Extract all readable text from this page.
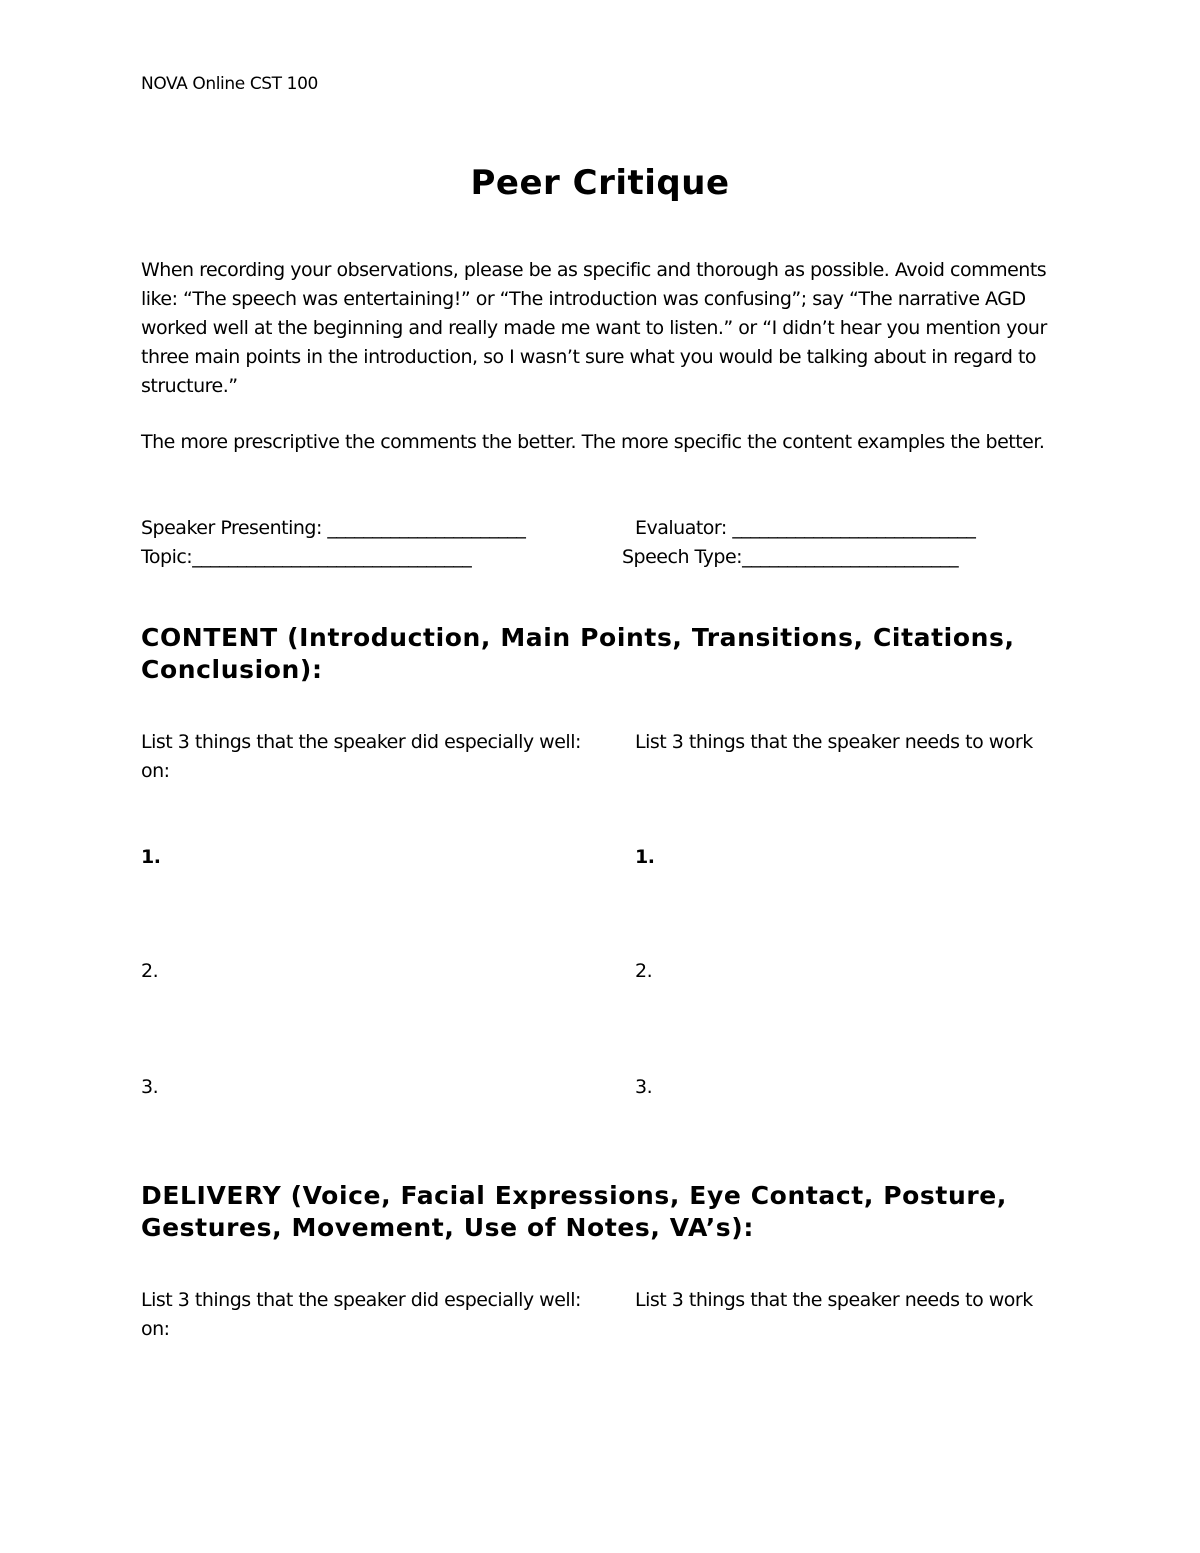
NOVA Online CST 100
Peer Critique
When recording your observations, please be as specific and thorough as possible. Avoid comments like: “The speech was entertaining!” or “The introduction was confusing”; say “The narrative AGD worked well at the beginning and really made me want to listen.” or “I didn’t hear you mention your three main points in the introduction, so I wasn’t sure what you would be talking about in regard to structure.”
The more prescriptive the comments the better. The more specific the content examples the better.
Speaker Presenting: ______________________	Evaluator: ___________________________
Topic:_______________________________	Speech Type:________________________
CONTENT (Introduction, Main Points, Transitions, Citations, Conclusion):
List 3 things that the speaker did especially well:	List 3 things that the speaker needs to work
on:
1.	1.
2.	2.
3.	3.
DELIVERY (Voice, Facial Expressions, Eye Contact, Posture, Gestures, Movement, Use of Notes, VA’s):
List 3 things that the speaker did especially well:	List 3 things that the speaker needs to work
on:
